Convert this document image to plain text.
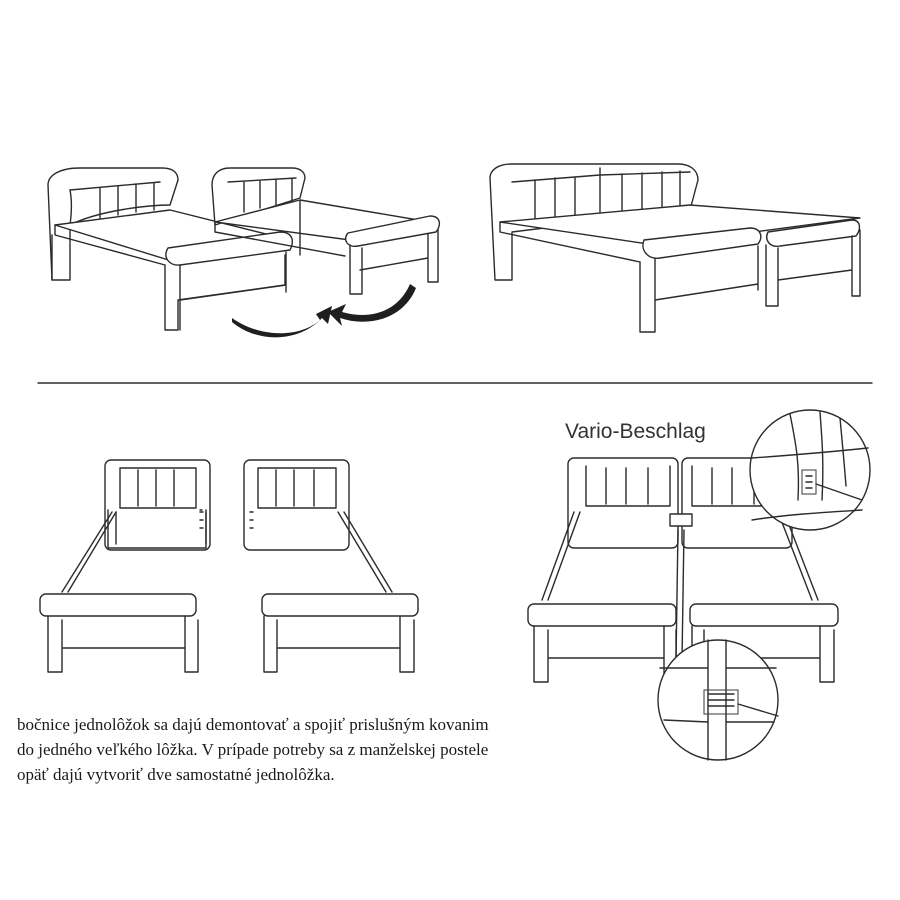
Vario-Beschlag

bočnice jednolôžok sa dajú demontovať a spojiť prislušným kovanim
do jedného veľkého lôžka. V prípade potreby sa z manželskej postele
opäť dajú vytvoriť dve samostatné jednolôžka.
